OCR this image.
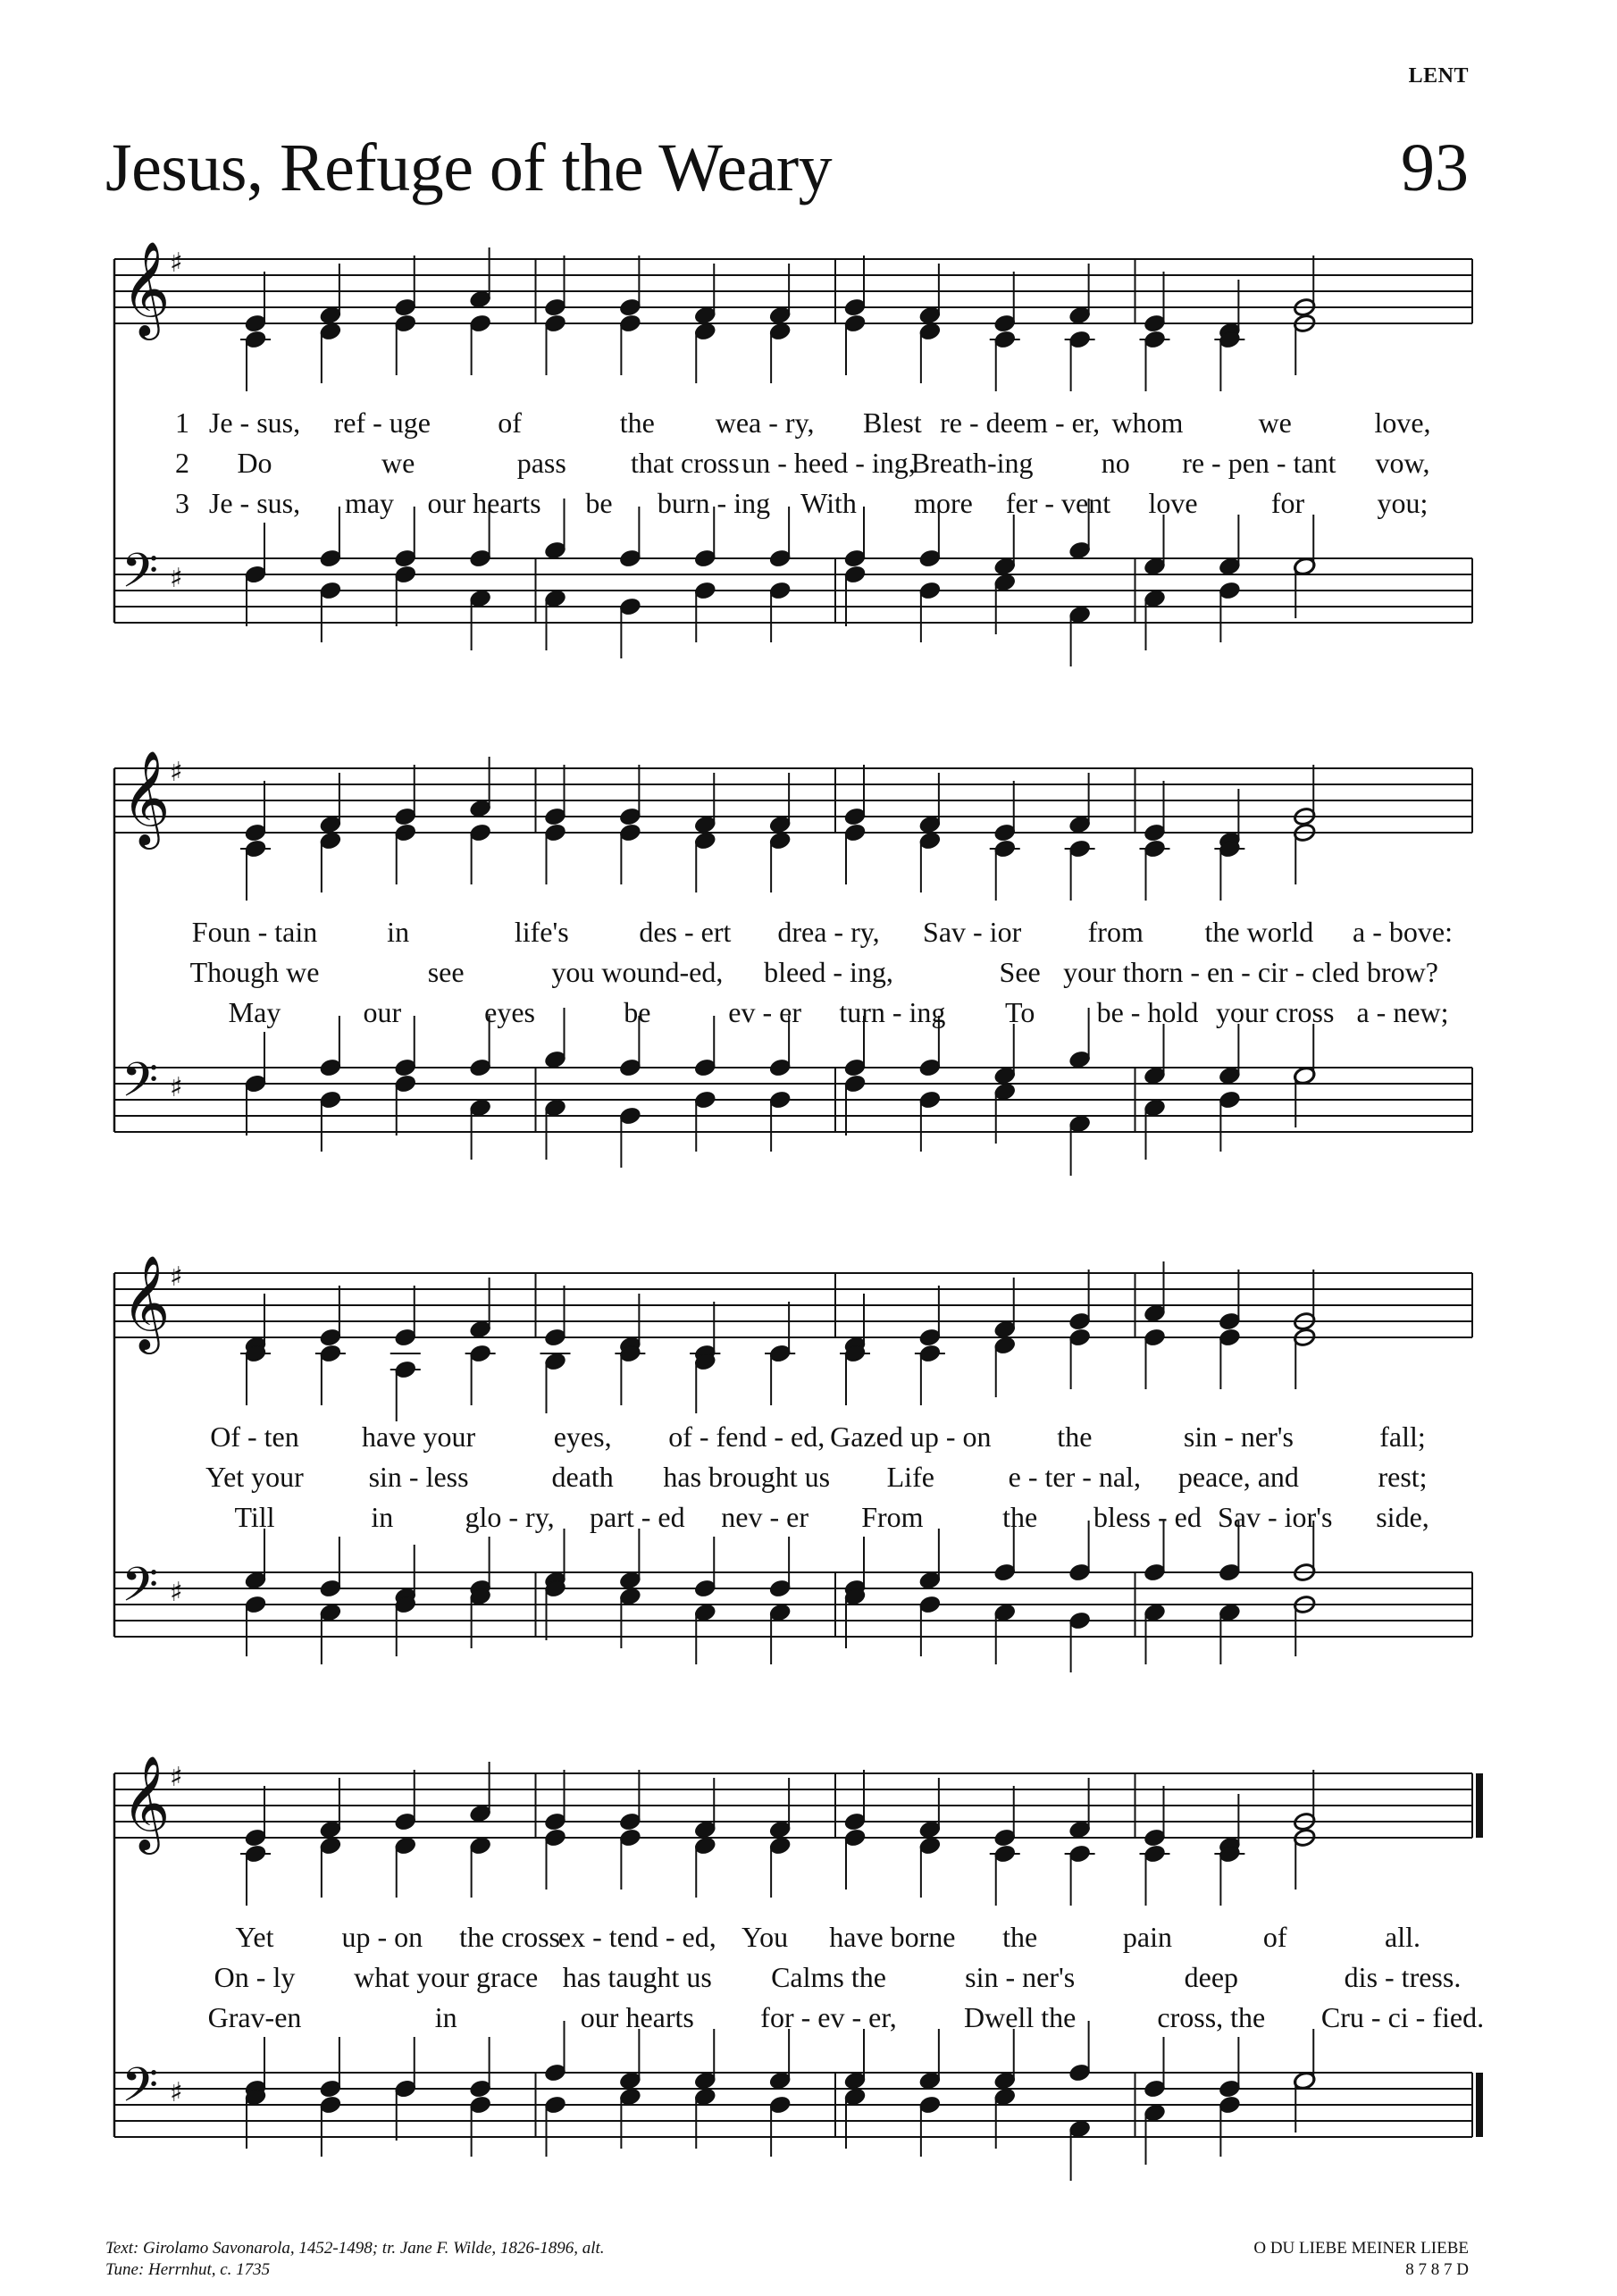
LENT
Jesus, Refuge of the Weary	93
𝄞 ♯
𝄢 ♯
1 Je - sus, ref - uge of	the wea - ry, Blest re - deem - er, whom	we	love,
2 Do	we	pass that cross un - heed - ing,
Breath-ing no re - pen - tant vow,
3 Je - sus, may our hearts be burn - ing With more fer - vent love	for	you;
𝄞 ♯
𝄢 ♯
Foun - tain in	life's des - ert drea - ry, Sav - ior from the world a - bove:
Though we	see	you wound-ed, bleed - ing,	See your thorn - en - cir - cled brow?
May	our	eyes	be	ev - er turn - ing To be - hold your cross a - new;
𝄞 ♯
𝄢 ♯
Of - ten have your	eyes, of - fend - ed, Gazed up - on the	sin - ner's	fall;
Yet your sin - less	death has brought us Life	e - ter - nal, peace, and	rest;
Till	in	glo - ry, part - ed nev - er From	the bless - ed Sav - ior's side,
𝄞 ♯
𝄢 ♯
Yet up - on the cross
ex - tend - ed, You have borne the	pain	of	all.
On - ly what your grace has taught us Calms the	sin - ner's	deep	dis - tress.
Grav-en	in	our hearts for - ev - er, Dwell the	cross, the Cru - ci - fied.
Text: Girolamo Savonarola, 1452-1498; tr. Jane F. Wilde, 1826-1896, alt.
Tune: Herrnhut, c. 1735
O DU LIEBE MEINER LIEBE
8 7 8 7 D
